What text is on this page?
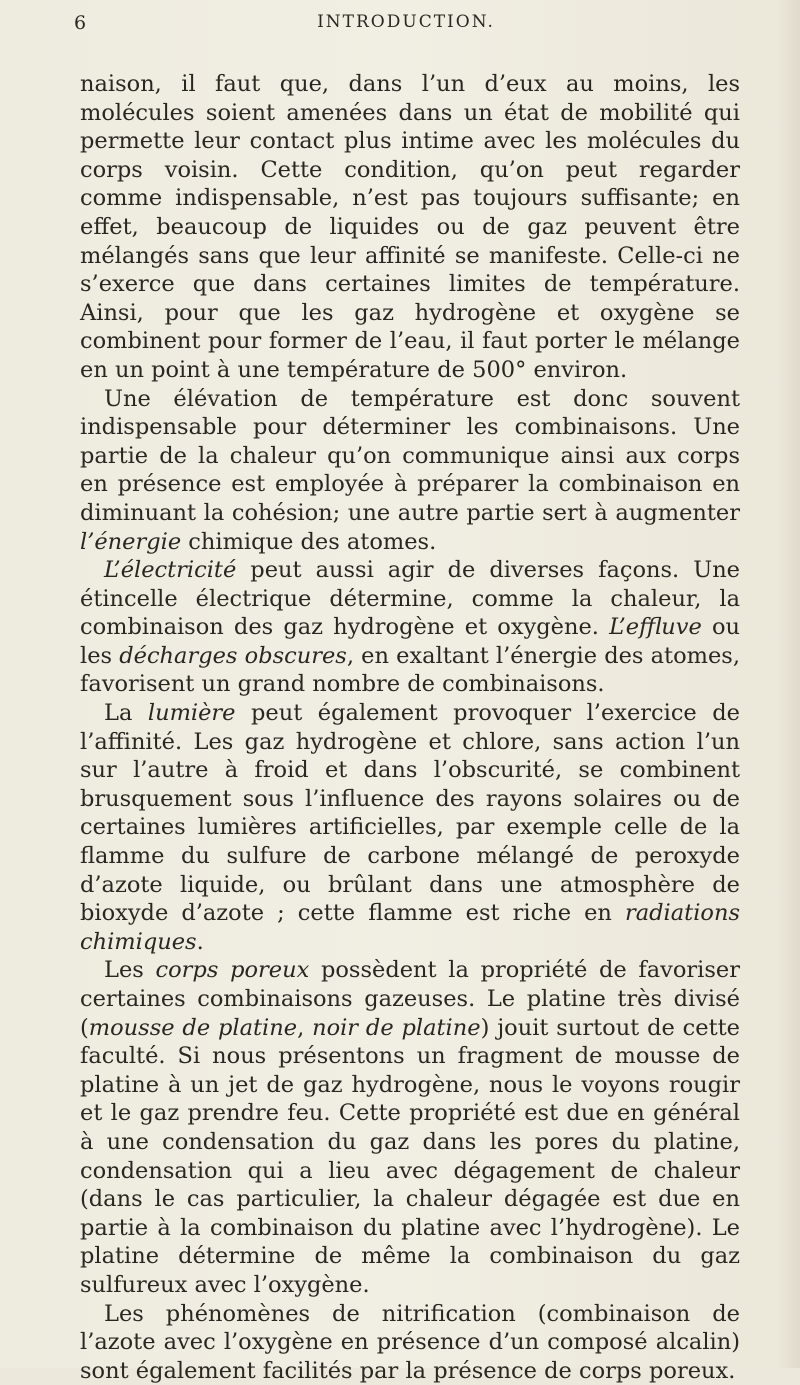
6	INTRODUCTION.

naison, il faut que, dans l’un d’eux au moins, les molécules soient amenées dans un état de mobilité qui permette leur contact plus intime avec les molécules du corps voisin. Cette condition, qu’on peut regarder comme indispensable, n’est pas toujours suffisante; en effet, beaucoup de liquides ou de gaz peuvent être mélangés sans que leur affinité se manifeste. Celle-ci ne s’exerce que dans certaines limites de température. Ainsi, pour que les gaz hydrogène et oxygène se combinent pour former de l’eau, il faut porter le mélange en un point à une température de 500° environ.

Une élévation de température est donc souvent indispensable pour déterminer les combinaisons. Une partie de la chaleur qu’on communique ainsi aux corps en présence est employée à préparer la combinaison en diminuant la cohésion; une autre partie sert à augmenter l’énergie chimique des atomes.

L’électricité peut aussi agir de diverses façons. Une étincelle électrique détermine, comme la chaleur, la combinaison des gaz hydrogène et oxygène. L’effluve ou les décharges obscures, en exaltant l’énergie des atomes, favorisent un grand nombre de combinaisons.

La lumière peut également provoquer l’exercice de l’affinité. Les gaz hydrogène et chlore, sans action l’un sur l’autre à froid et dans l’obscurité, se combinent brusquement sous l’influence des rayons solaires ou de certaines lumières artificielles, par exemple celle de la flamme du sulfure de carbone mélangé de peroxyde d’azote liquide, ou brûlant dans une atmosphère de bioxyde d’azote ; cette flamme est riche en radiations chimiques.

Les corps poreux possèdent la propriété de favoriser certaines combinaisons gazeuses. Le platine très divisé (mousse de platine, noir de platine) jouit surtout de cette faculté. Si nous présentons un fragment de mousse de platine à un jet de gaz hydrogène, nous le voyons rougir et le gaz prendre feu. Cette propriété est due en général à une condensation du gaz dans les pores du platine, condensation qui a lieu avec dégagement de chaleur (dans le cas particulier, la chaleur dégagée est due en partie à la combinaison du platine avec l’hydrogène). Le platine détermine de même la combinaison du gaz sulfureux avec l’oxygène.

Les phénomènes de nitrification (combinaison de l’azote avec l’oxygène en présence d’un composé alcalin) sont également facilités par la présence de corps poreux.
